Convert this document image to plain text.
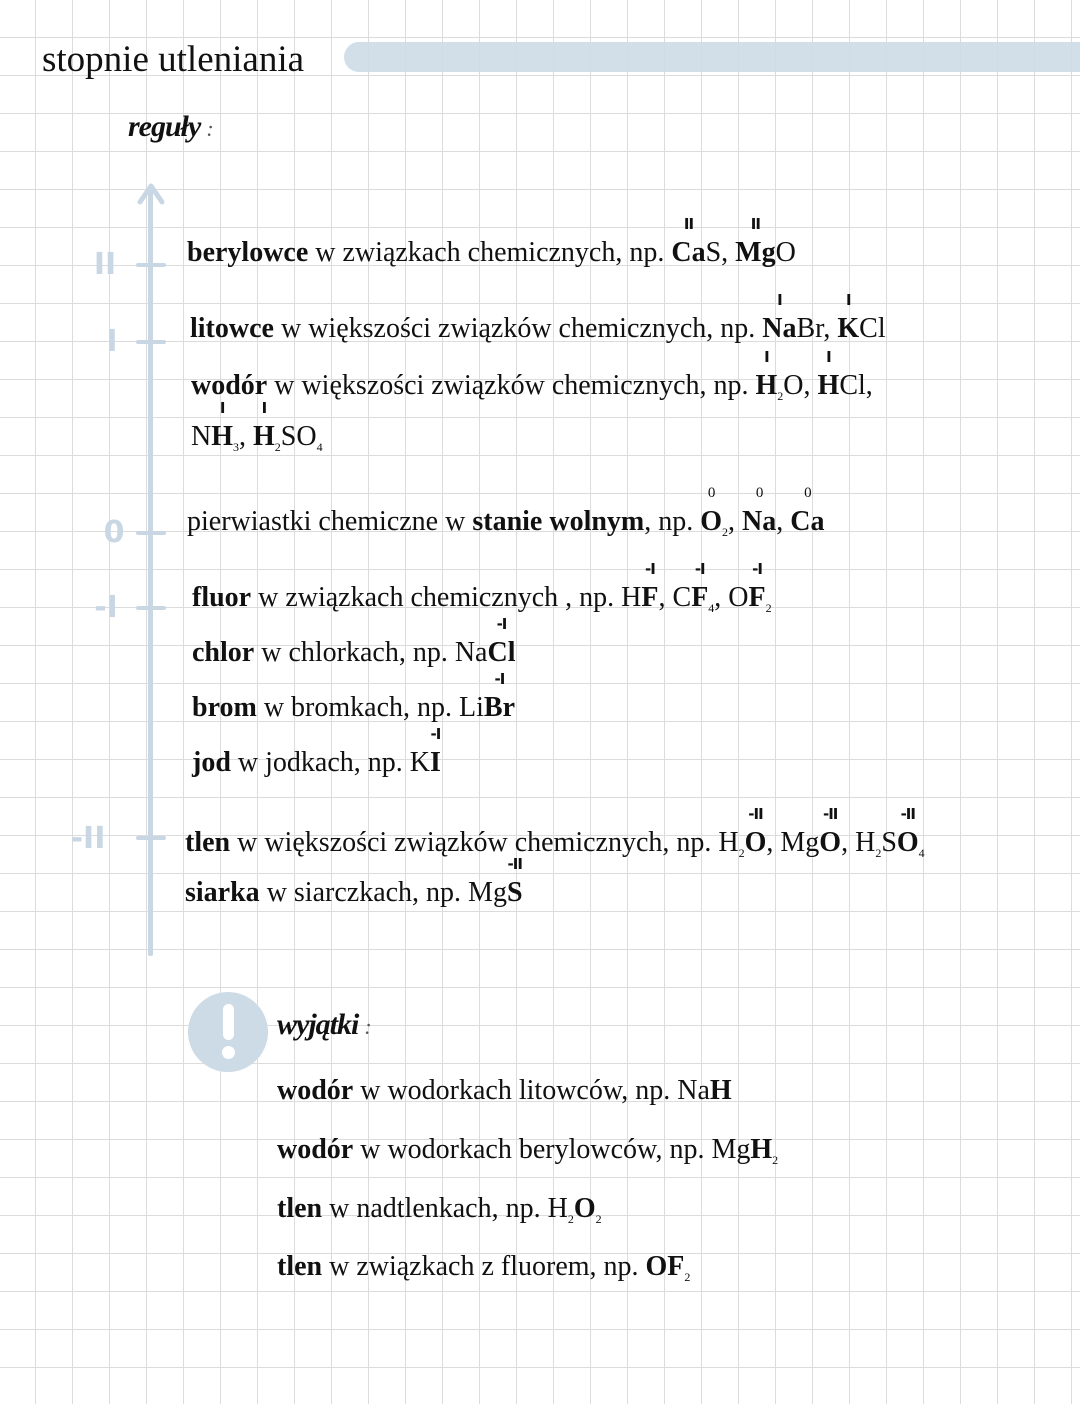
stopnie utleniania
reguły :
II
I
0
-I
-II
berylowce w związkach chemicznych, np. Ca
II
S, Mg
II
O
litowce w większości związków chemicznych, np. Na
I
Br, K
I
Cl
wodór w większości związków chemicznych, np. H
I
$_2$O, H
I
Cl,
NH
I
$_3$, H
I
$_2SO_4$
pierwiastki chemiczne w stanie wolnym, np. O
0
$_2$, Na
0
, Ca
0
fluor w związkach chemicznych , np. HF
-I
, CF
-I
$_4$, OF
-I
$_2$
chlor w chlorkach, np. NaCl
-I
brom w bromkach, np. LiBr
-I
jod w jodkach, np. KI
-I
tlen w większości związków chemicznych, np. $H_2O$
-II
, MgO
-II
, $H_2SO$
-II
$_4$
siarka w siarczkach, np. MgS
-II
wyjątki :
wodór w wodorkach litowców, np. NaH
wodór w wodorkach berylowców, np. MgH$_2$
tlen w nadtlenkach, np. $H_2O_2$
tlen w związkach z fluorem, np. $OF_2$
